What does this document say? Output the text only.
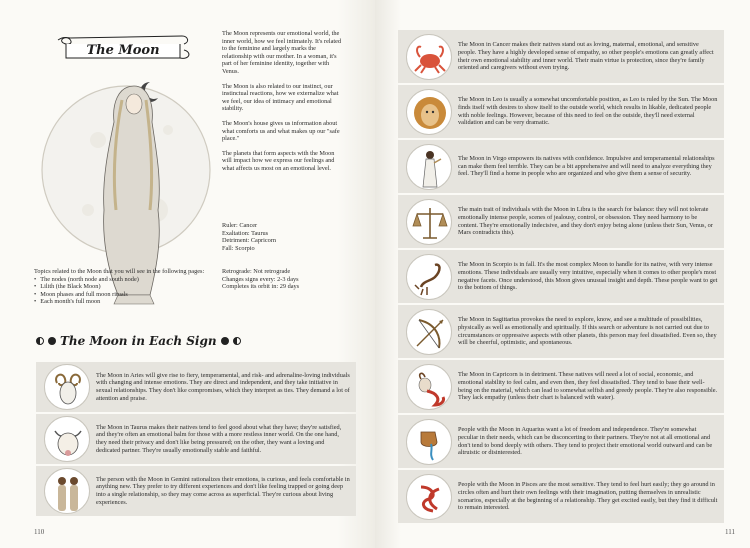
The Moon

The Moon represents our emotional world, the inner world, how we feel intimately. It's related to the feminine and largely marks the relationship with our mother. In a woman, it's part of her feminine identity, together with Venus.

The Moon is also related to our instinct, our instinctual reactions, how we externalize what we feel, our idea of intimacy and emotional stability.

The Moon's house gives us information about what comforts us and what makes up our "safe place."

The planets that form aspects with the Moon will impact how we express our feelings and what affects us most on an emotional level.

Ruler: Cancer
Exaltation: Taurus
Detriment: Capricorn
Fall: Scorpio
Retrograde: Not retrograde
Changes signs every: 2-3 days
Completes its orbit in: 29 days
Topics related to the Moon that you will see in the following pages:
• The nodes (north node and south node)
• Lilith (the Black Moon)
• Moon phases and full moon rituals
• Each month's full moon
The Moon in Each Sign
The Moon in Aries will give rise to fiery, temperamental, and risk- and adrenaline-loving individuals with changing and intense emotions. They are direct and independent, and they take initiative in sexual relationships. They don't like compromises, which they interpret as ties. They demand a lot of attention and praise.
The Moon in Taurus makes their natives tend to feel good about what they have; they're satisfied, and they're often an emotional balm for those with a more restless inner world. On the one hand, they need their privacy and don't like being pressured; on the other, they want a loving and dedicated partner. They're usually emotionally stable and faithful.
The person with the Moon in Gemini rationalizes their emotions, is curious, and feels comfortable in anything new. They prefer to try different experiences and don't like feeling trapped or going deep into a single relationship, so they may come across as superficial. They're curious about living experiences.
110
The Moon in Cancer makes their natives stand out as loving, maternal, emotional, and sensitive people. They have a highly developed sense of empathy, so other people's emotions can greatly affect their own emotional stability and inner world. Their main virtue is protection, since they're family oriented and caregivers without even trying.
The Moon in Leo is usually a somewhat uncomfortable position, as Leo is ruled by the Sun. The Moon finds itself with desires to show itself to the outside world, which results in likable, dedicated people with noble feelings. However, because of this need to feel on the outside, they'll need external validation and can be very dramatic.
The Moon in Virgo empowers its natives with confidence. Impulsive and temperamental relationships can make them feel terrible. They can be a bit apprehensive and will need to analyze everything they feel. They'll find a home in people who are organized and who give them a sense of security.
The main trait of individuals with the Moon in Libra is the search for balance: they will not tolerate emotionally intense people, scenes of jealousy, control, or obsession. They need harmony to be content. They're emotionally indecisive, and they don't enjoy being alone (unless their Sun, Venus, or Mars contradicts this).
The Moon in Scorpio is in fall. It's the most complex Moon to handle for its native, with very intense emotions. These individuals are usually very intuitive, especially when it comes to other people's most negative facets. Once understood, this Moon gives unusual insight and depth. These people want to get to the bottom of things.
The Moon in Sagittarius provokes the need to explore, know, and see a multitude of possibilities, physically as well as emotionally and spiritually. If this search or adventure is not carried out due to circumstances or oppressive aspects with other planets, this person may feel dissatisfied. Even so, they will be cheerful, optimistic, and spontaneous.
The Moon in Capricorn is in detriment. These natives will need a lot of social, economic, and emotional stability to feel calm, and even then, they feel dissatisfied. They tend to base their well-being on the material, which can lead to somewhat selfish and greedy people. They're also responsible. They lack empathy (unless their chart is balanced with water).
People with the Moon in Aquarius want a lot of freedom and independence. They're somewhat peculiar in their needs, which can be disconcerting to their partners. They're not at all emotional and don't tend to bond deeply with others. They tend to project their emotional world outward and can be altruistic or disinterested.
People with the Moon in Pisces are the most sensitive. They tend to feel hurt easily; they go around in circles often and hurt their own feelings with their imagination, putting themselves in unrealistic scenarios, especially at the beginning of a relationship. They get excited easily, but they find it difficult to remain interested.
111
